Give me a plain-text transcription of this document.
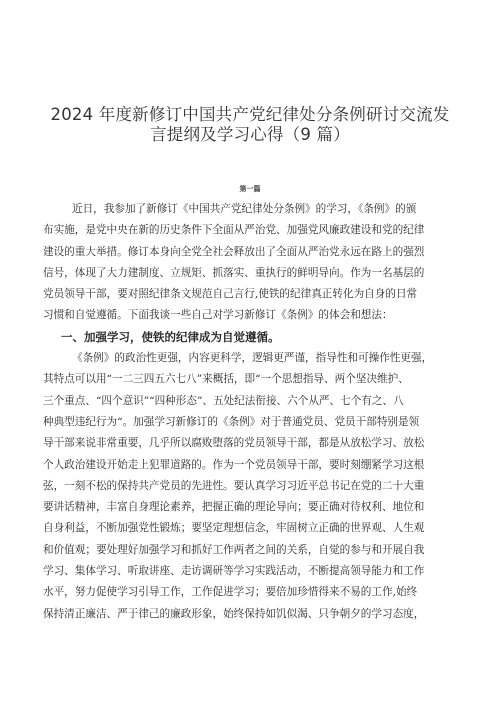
2024 年度新修订中国共产党纪律处分条例研讨交流发
言提纲及学习心得（9 篇）
第一篇
近日，我参加了新修订《中国共产党纪律处分条例》的学习，《条例》的颁
布实施，是党中央在新的历史条件下全面从严治党、加强党风廉政建设和党的纪律
建设的重大举措。修订本身向全党全社会释放出了全面从严治党永远在路上的强烈
信号，体现了大力建制度、立规矩、抓落实、重执行的鲜明导向。作为一名基层的
党员领导干部，要对照纪律条文规范自己言行,使铁的纪律真正转化为自身的日常
习惯和自觉遵循。下面我谈一些自己对学习新修订《条例》的体会和想法：
一、加强学习，使铁的纪律成为自觉遵循。
《条例》的政治性更强，内容更科学，逻辑更严谨，指导性和可操作性更强，
其特点可以用“一二三四五六七八”来概括，即“一个思想指导、两个坚决维护、
三个重点、“四个意识”“四种形态”、五处纪法衔接、六个从严、七个有之、八
种典型违纪行为“。加强学习新修订的《条例》对于普通党员、党员干部特别是领
导干部来说非常重要，几乎所以腐败堕落的党员领导干部，都是从放松学习、放松
个人政治建设开始走上犯罪道路的。作为一个党员领导干部，要时刻绷紧学习这根
弦，一刻不松的保持共产党员的先进性。要认真学习习近平总书记在党的二十大重
要讲话精神，丰富自身理论素养，把握正确的理论导向；要正确对待权利、地位和
自身利益，不断加强党性锻炼；要坚定理想信念，牢固树立正确的世界观、人生观
和价值观；要处理好加强学习和抓好工作两者之间的关系，自觉的参与和开展自我
学习、集体学习、听取讲座、走访调研等学习实践活动，不断提高领导能力和工作
水平，努力促使学习引导工作，工作促进学习；要倍加珍惜得来不易的工作,始终
保持清正廉洁、严于律己的廉政形象，始终保持如饥似渴、只争朝夕的学习态度，
